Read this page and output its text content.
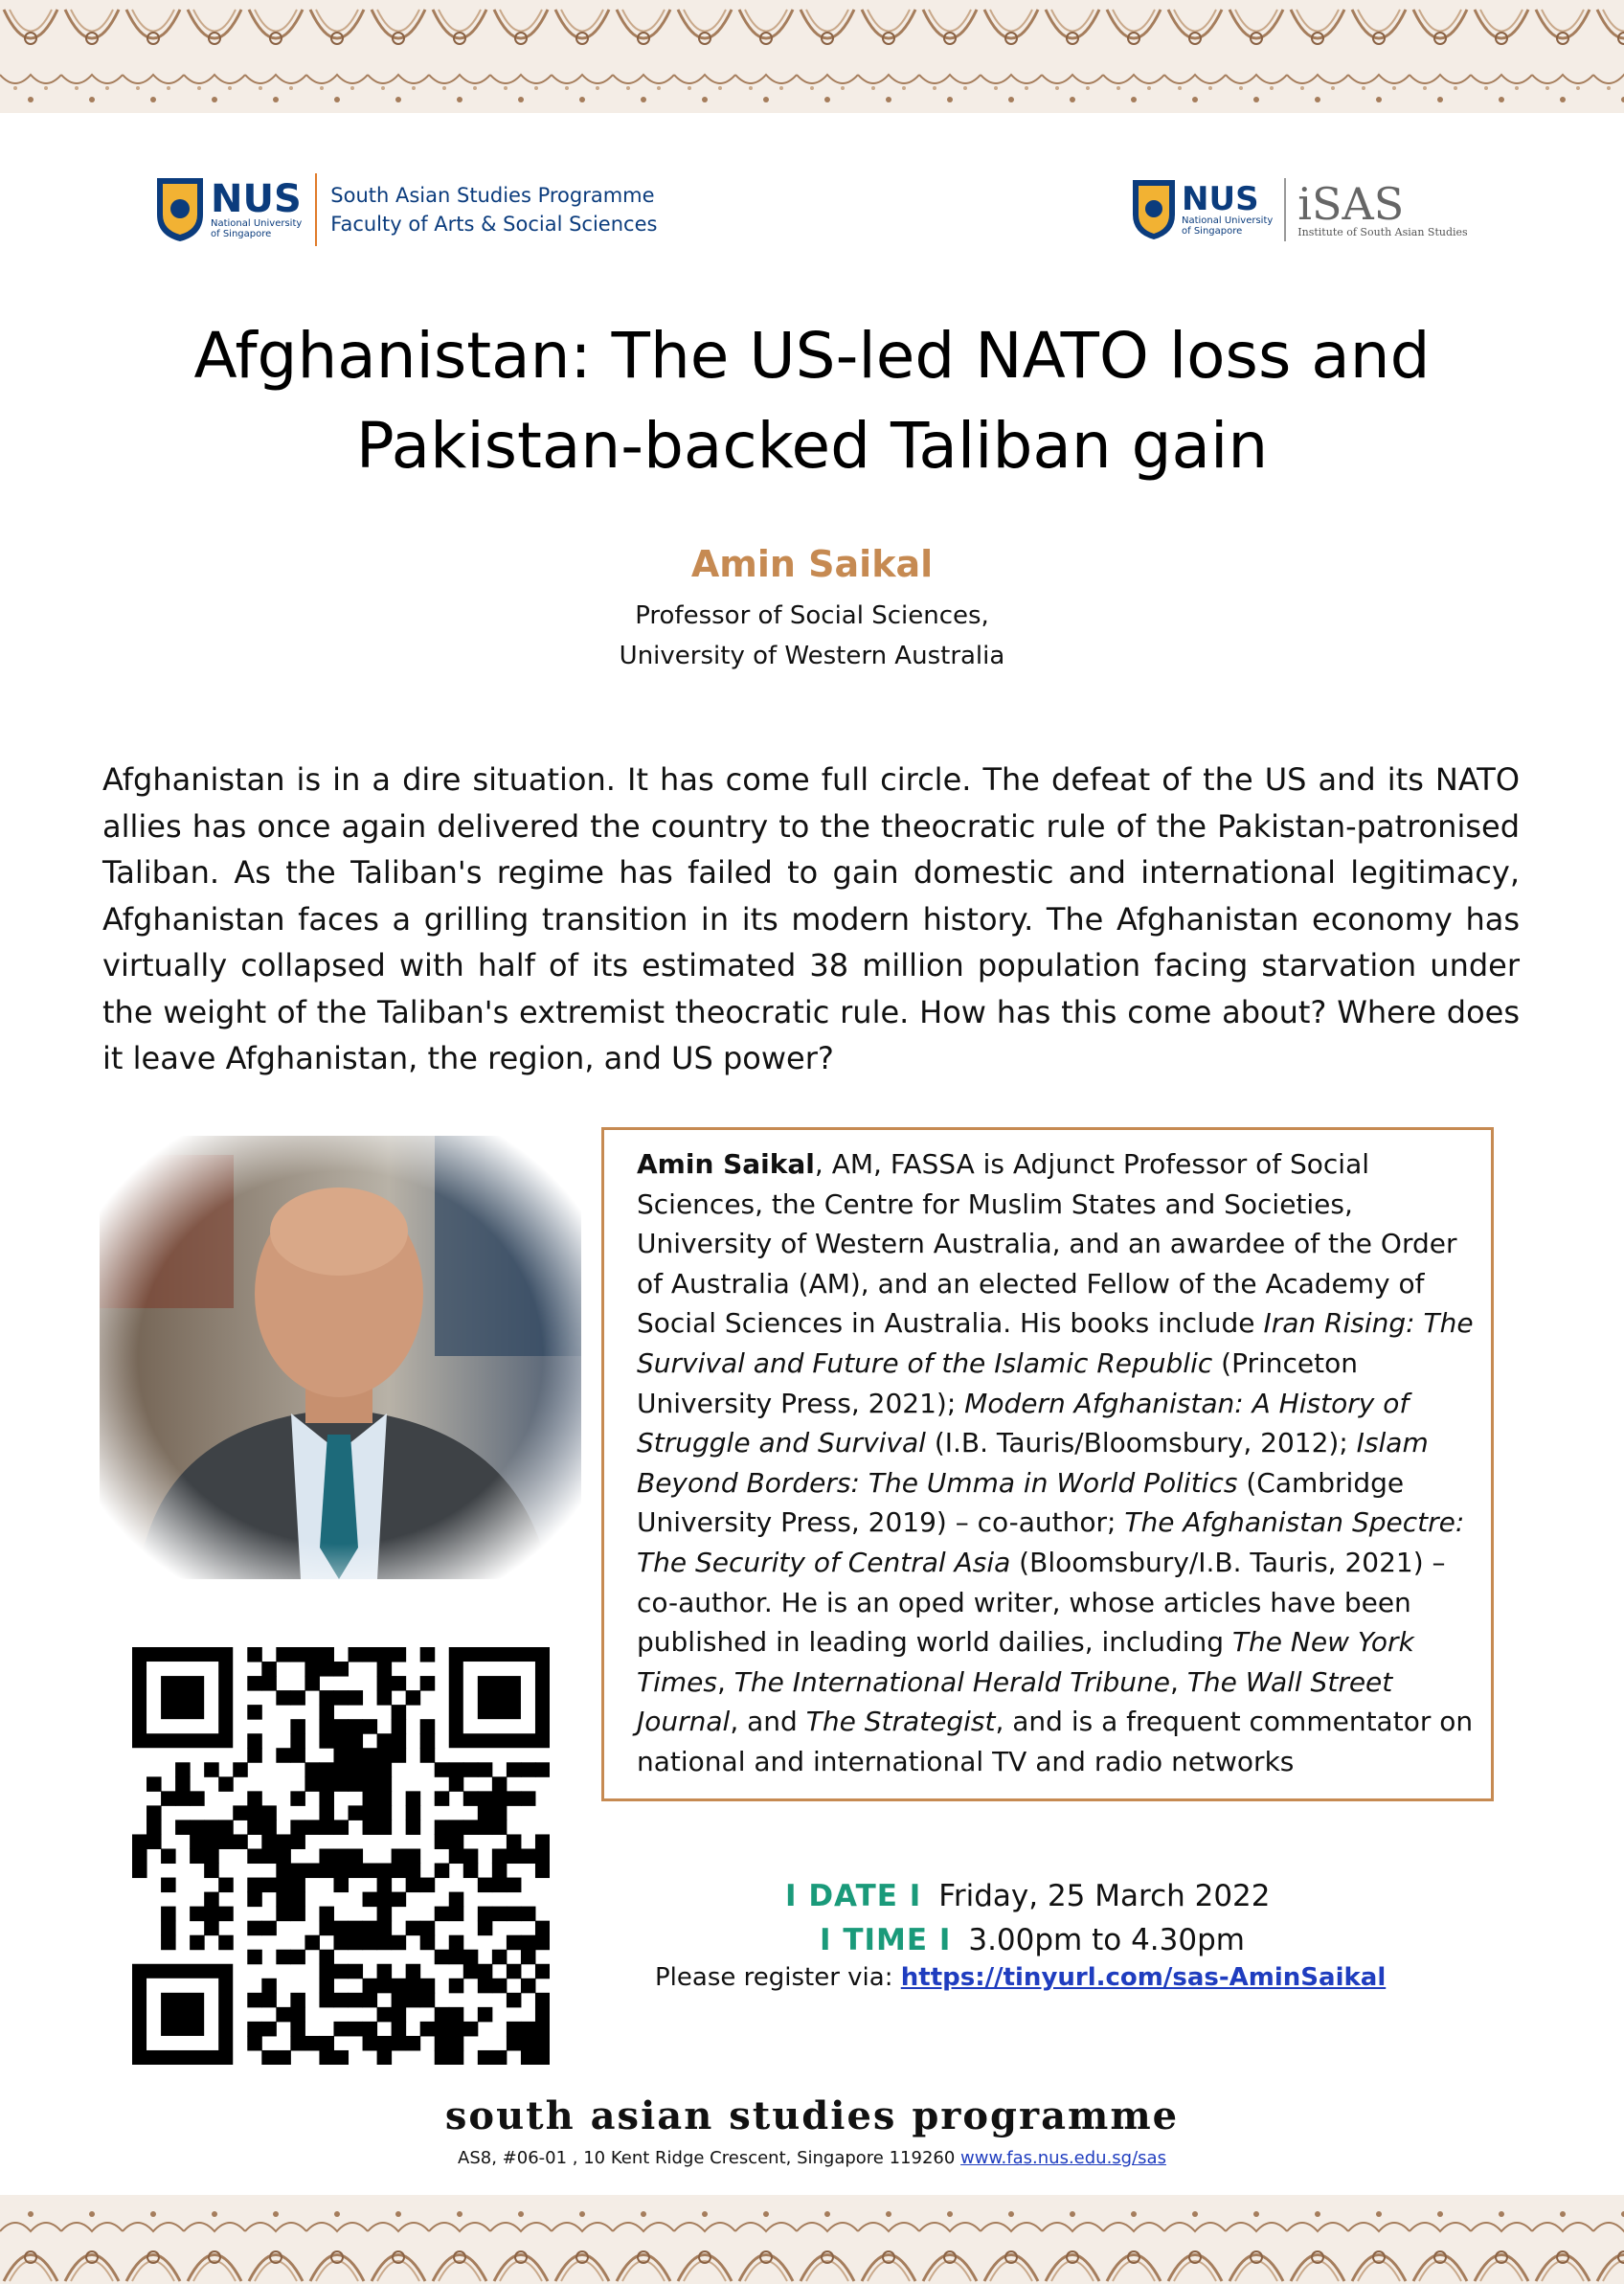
NUS
National University
of Singapore
South Asian Studies Programme
Faculty of Arts & Social Sciences
NUS
National University
of Singapore
iSAS
Institute of South Asian Studies
Afghanistan: The US-led NATO loss and
Pakistan-backed Taliban gain
Amin Saikal
Professor of Social Sciences,
University of Western Australia
Afghanistan is in a dire situation. It has come full circle. The defeat of the US and its NATO allies has once again delivered the country to the theocratic rule of the Pakistan-patronised Taliban. As the Taliban's regime has failed to gain domestic and international legitimacy, Afghanistan faces a grilling transition in its modern history. The Afghanistan economy has virtually collapsed with half of its estimated 38 million population facing starvation under the weight of the Taliban's extremist theocratic rule. How has this come about? Where does it leave Afghanistan, the region, and US power?
Amin Saikal, AM, FASSA is Adjunct Professor of Social Sciences, the Centre for Muslim States and Societies, University of Western Australia, and an awardee of the Order of Australia (AM), and an elected Fellow of the Academy of Social Sciences in Australia. His books include Iran Rising: The Survival and Future of the Islamic Republic (Princeton University Press, 2021); Modern Afghanistan: A History of Struggle and Survival (I.B. Tauris/Bloomsbury, 2012); Islam Beyond Borders: The Umma in World Politics (Cambridge University Press, 2019) – co-author; The Afghanistan Spectre: The Security of Central Asia (Bloomsbury/I.B. Tauris, 2021) – co-author. He is an oped writer, whose articles have been published in leading world dailies, including The New York Times, The International Herald Tribune, The Wall Street Journal, and The Strategist, and is a frequent commentator on national and international TV and radio networks
I DATE I Friday, 25 March 2022
I TIME I 3.00pm to 4.30pm
Please register via: https://tinyurl.com/sas-AminSaikal
south asian studies programme
AS8, #06-01 , 10 Kent Ridge Crescent, Singapore 119260 www.fas.nus.edu.sg/sas
